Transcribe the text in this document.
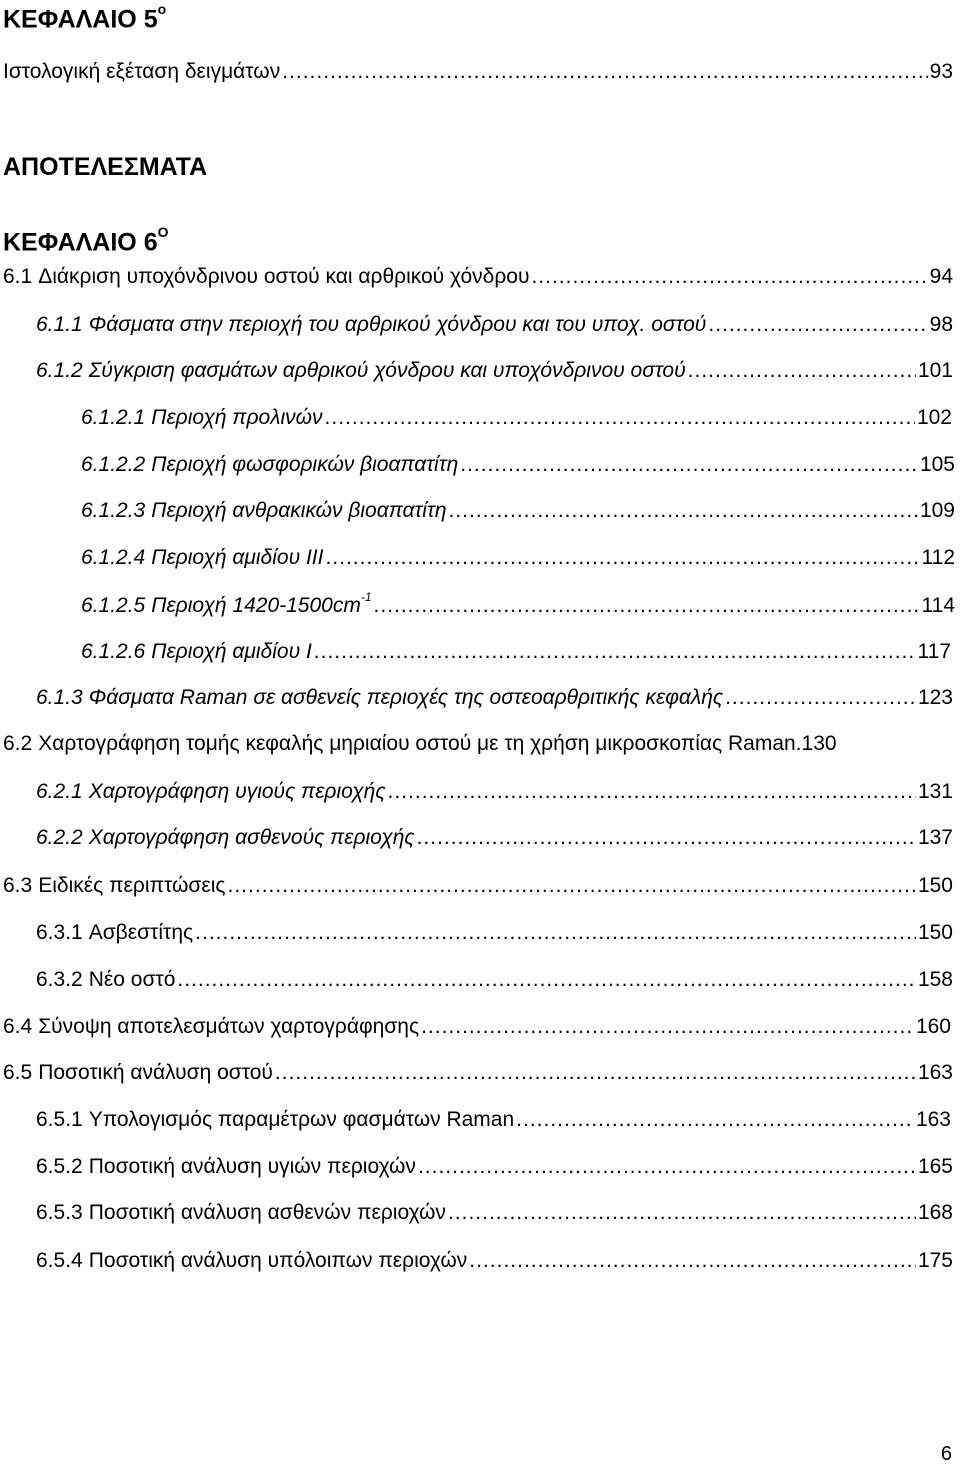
ΚΕΦΑΛΑΙΟ $5^o$
Ιστολογική εξέταση δειγμάτων .....	93
ΑΠΟΤΕΛΕΣΜΑΤΑ
ΚΕΦΑΛΑΙΟ $6^O$
6.1 Διάκριση υποχόνδρινου οστού και αρθρικού χόνδρου .....	94
6.1.1 Φάσματα στην περιοχή του αρθρικού χόνδρου και του υποχ. οστού .....	98
6.1.2 Σύγκριση φασμάτων αρθρικού χόνδρου και υποχόνδρινου οστού .....	101
6.1.2.1 Περιοχή προλινών .....	102
6.1.2.2 Περιοχή φωσφορικών βιοαπατίτη .....	105
6.1.2.3 Περιοχή ανθρακικών βιοαπατίτη .....	109
6.1.2.4 Περιοχή αμιδίου ΙΙΙ .....	112
6.1.2.5 Περιοχή $1420-1500cm^{-1}$ .....	114
6.1.2.6 Περιοχή αμιδίου Ι .....	117
6.1.3 Φάσματα Raman σε ασθενείς περιοχές της οστεοαρθριτικής κεφαλής .....	123
6.2 Χαρτογράφηση τομής κεφαλής μηριαίου οστού με τη χρήση μικροσκοπίας Raman. 130
6.2.1 Χαρτογράφηση υγιούς περιοχής .....	131
6.2.2 Χαρτογράφηση ασθενούς περιοχής .....	137
6.3 Ειδικές περιπτώσεις .....	150
6.3.1 Ασβεστίτης .....	150
6.3.2 Νέο οστό .....	158
6.4 Σύνοψη αποτελεσμάτων χαρτογράφησης .....	160
6.5 Ποσοτική ανάλυση οστού .....	163
6.5.1 Υπολογισμός παραμέτρων φασμάτων Raman .....	163
6.5.2 Ποσοτική ανάλυση υγιών περιοχών .....	165
6.5.3 Ποσοτική ανάλυση ασθενών περιοχών .....	168
6.5.4 Ποσοτική ανάλυση υπόλοιπων περιοχών .....	175
6
